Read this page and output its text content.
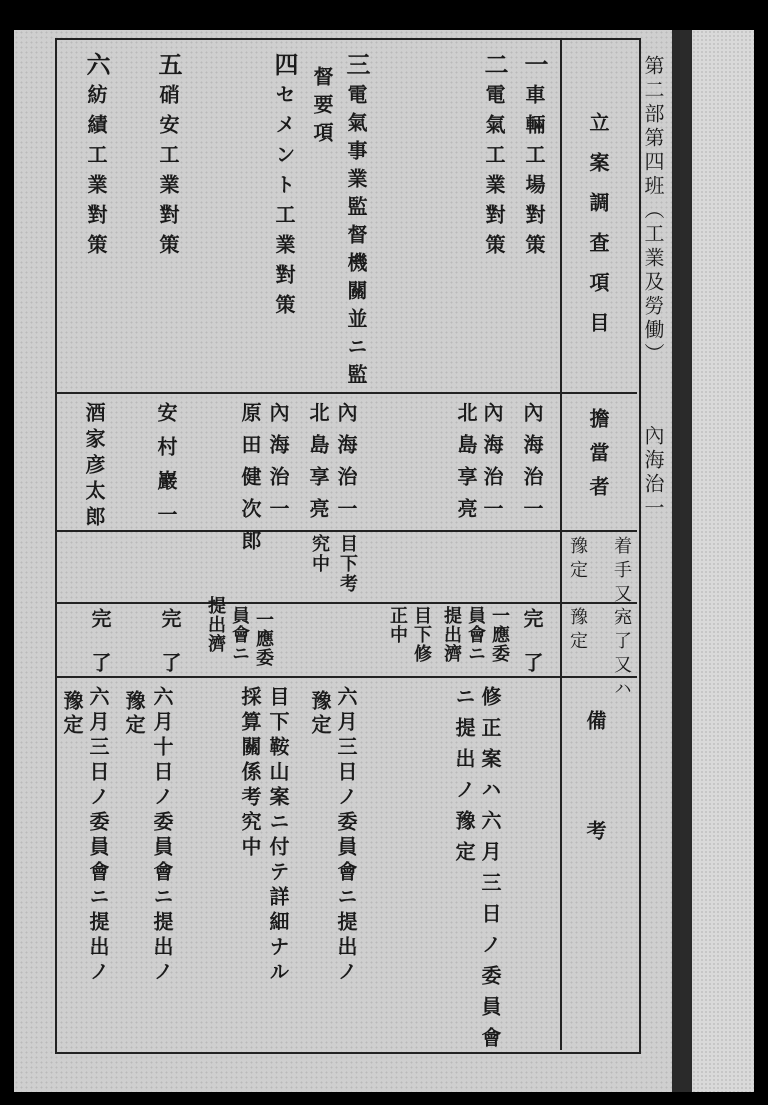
第二部第四班（工業及勞働）
內海治一
立案調査項目
擔當者
着手又ハ
豫定
完了又ハ
豫定
備考
一
車輛工場對策
二
電氣工業對策
三
電氣事業監督機關並ニ監
督要項
四
セメント工業對策
五
硝安工業對策
六
紡績工業對策
內海治一
內海治一
北島享亮
內海治一
北島享亮
內海治一
原田健次郎
安村巖一
酒家彦太郎
目下考
究中
完了
一應委
員會ニ
提出濟
目下修
正中
一應委
員會ニ
提出濟
完了
完了
修正案ハ六月三日ノ委員會
ニ提出ノ豫定
六月三日ノ委員會ニ提出ノ
豫定
目下鞍山案ニ付テ詳細ナル
採算關係考究中
六月十日ノ委員會ニ提出ノ
豫定
六月三日ノ委員會ニ提出ノ
豫定
